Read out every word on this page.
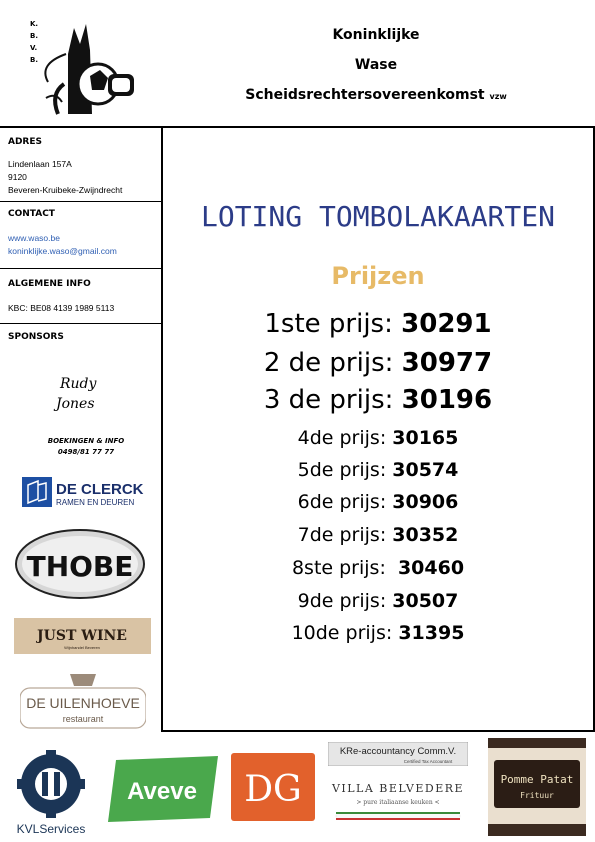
K.
B.
V.
B.
Koninklijke
Wase
Scheidsrechtersovereenkomst vzw
ADRES
Lindenlaan 157A
9120
Beveren-Kruibeke-Zwijndrecht
CONTACT
www.waso.be
koninklijke.waso@gmail.com
ALGEMENE INFO
KBC: BE08 4139 1989 5113
SPONSORS
Rudy
Jones
BOEKINGEN & INFO
0498/81 77 77
DE CLERCK
RAMEN EN DEUREN
THOBE
JUST WINE
Wijnhandel Beveren
DE UILENHOEVE
restaurant
LOTING TOMBOLAKAARTEN
Prijzen
1ste prijs: 30291
2 de prijs: 30977
3 de prijs: 30196
4de prijs: 30165
5de prijs: 30574
6de prijs: 30906
7de prijs: 30352
8ste prijs:  30460
9de prijs: 30507
10de prijs: 31395
KVLServices
Aveve DG
KRe-accountancy Comm.V.
Certified Tax Accountant
VILLA BELVEDERE
> pure italiaanse keuken <
Pomme Patat
Frituur
